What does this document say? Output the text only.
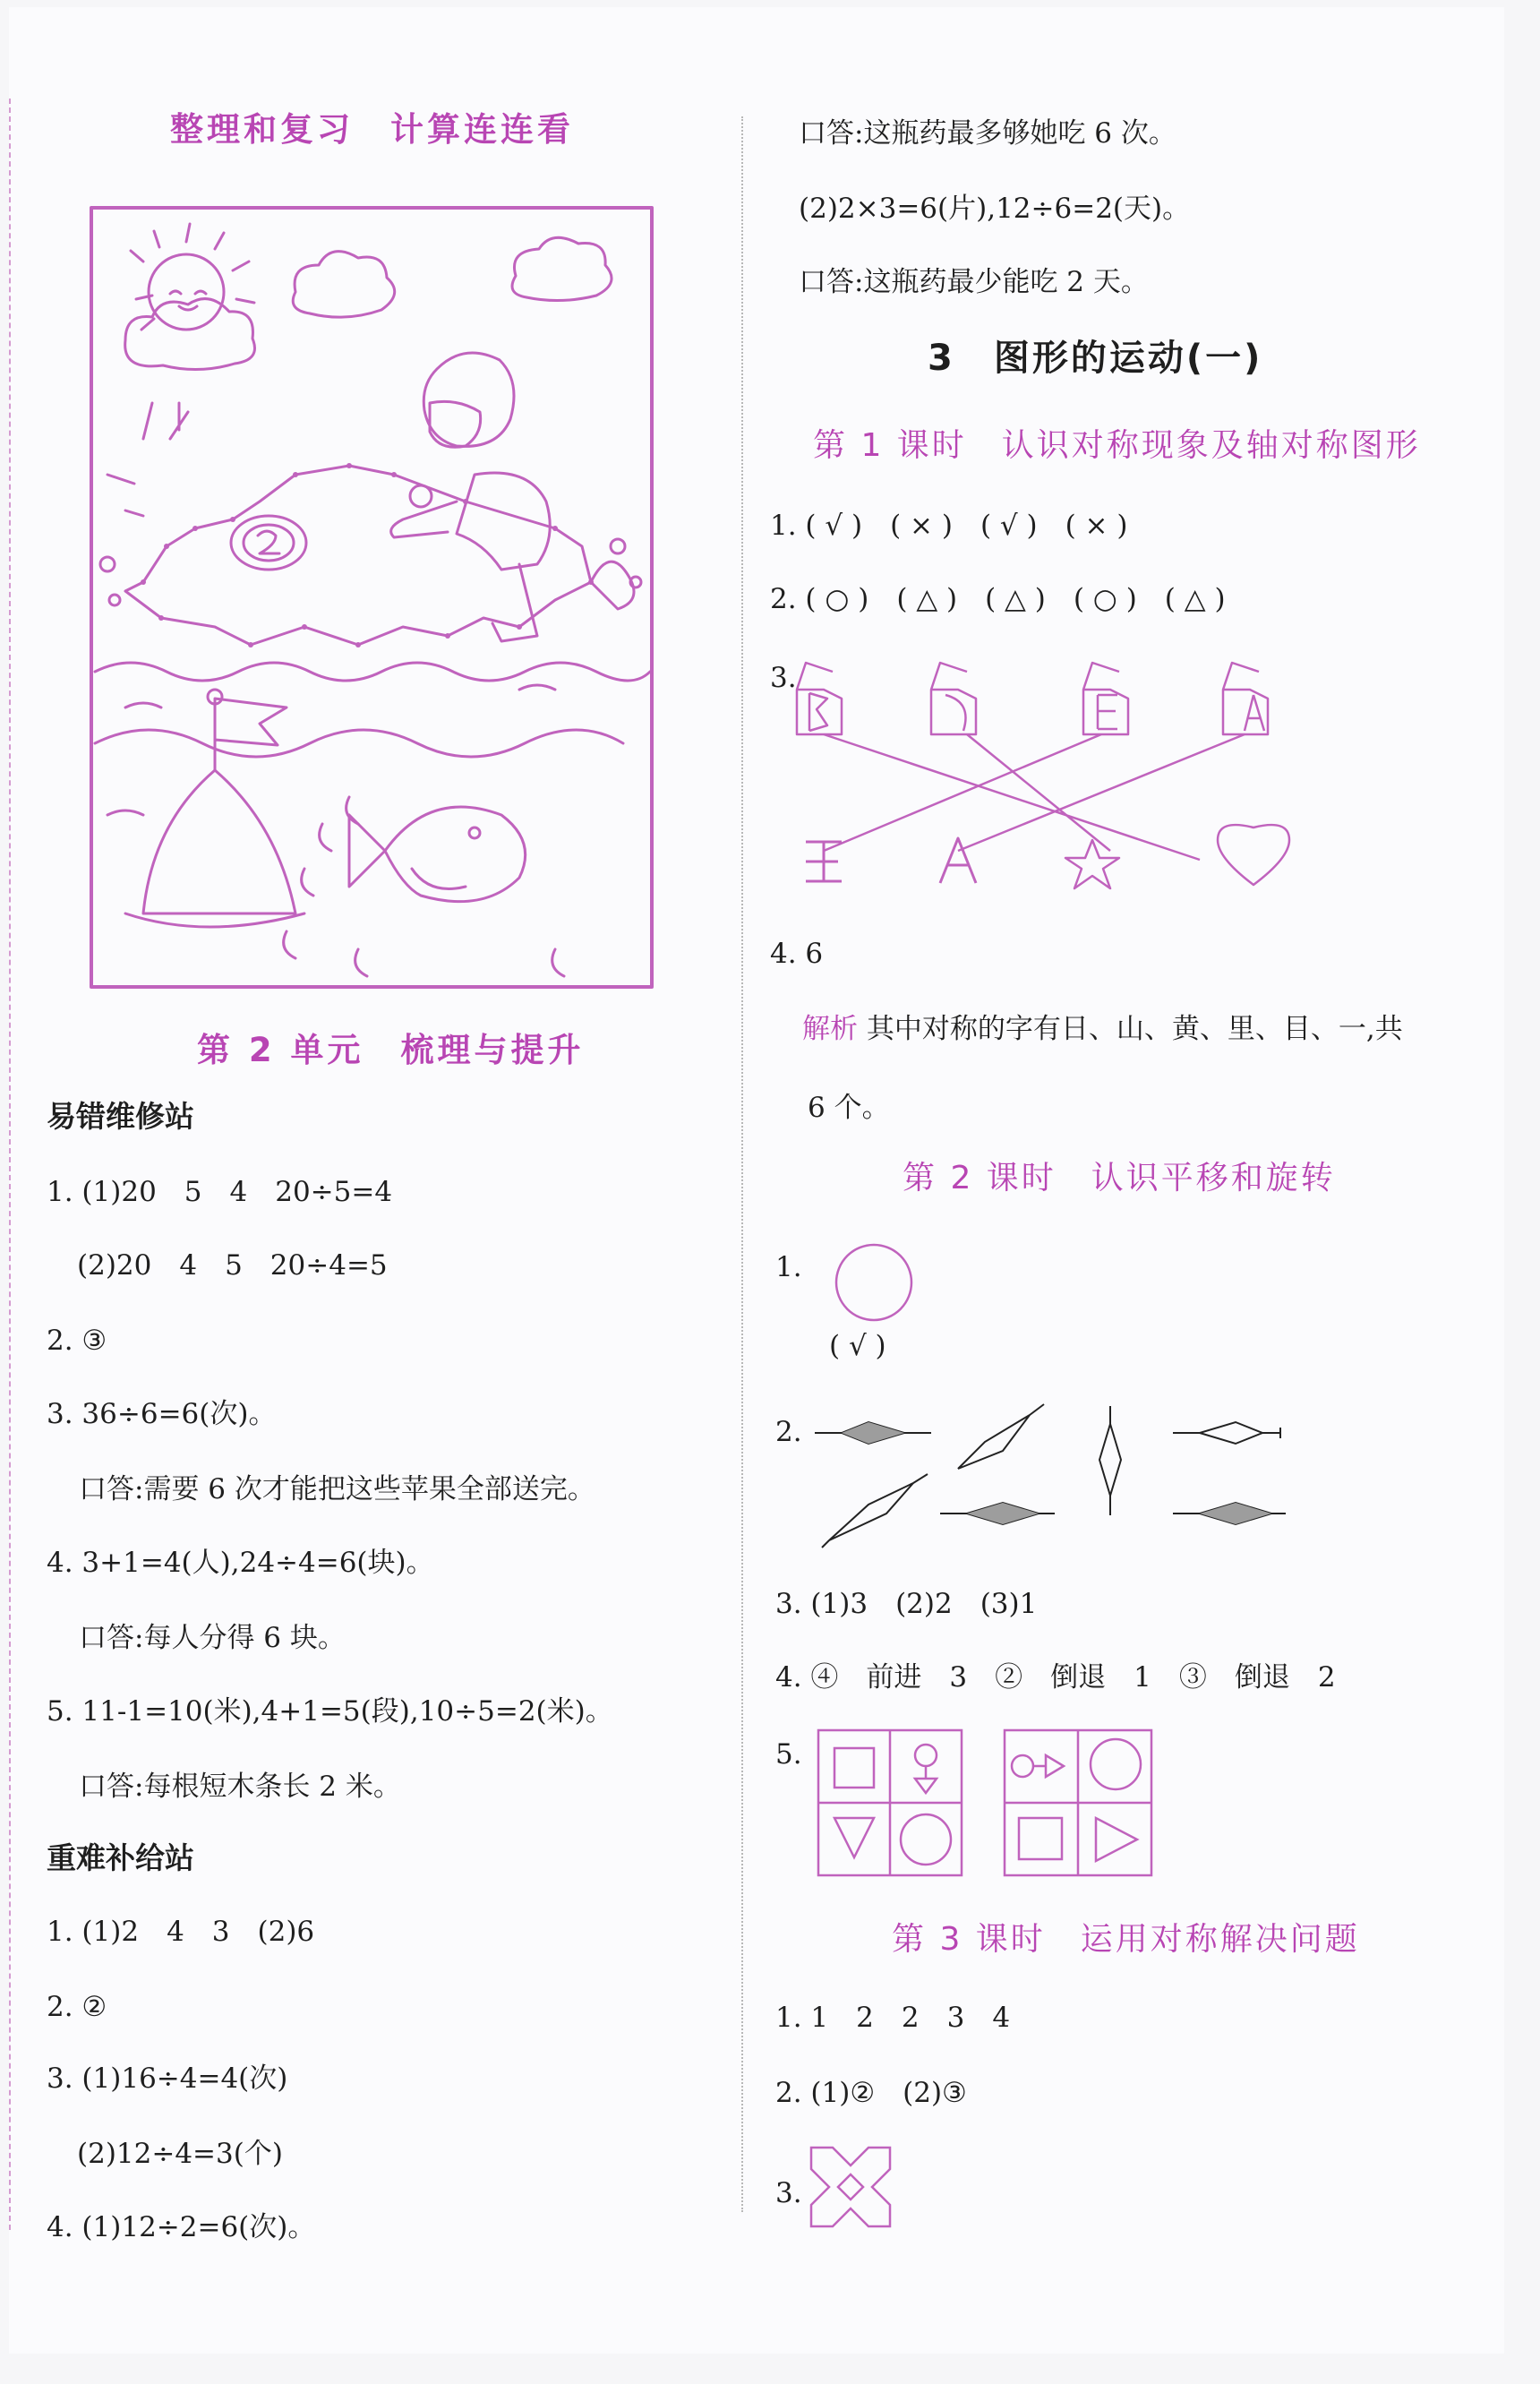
整理和复习　计算连连看
第 2 单元　梳理与提升
易错维修站
1. (1)20　5　4　20÷5=4
(2)20　4　5　20÷4=5
2. ③
3. 36÷6=6(次)。
口答:需要 6 次才能把这些苹果全部送完。
4. 3+1=4(人),24÷4=6(块)。
口答:每人分得 6 块。
5. 11-1=10(米),4+1=5(段),10÷5=2(米)。
口答:每根短木条长 2 米。
重难补给站
1. (1)2　4　3　(2)6
2. ②
3. (1)16÷4=4(次)
(2)12÷4=3(个)
4. (1)12÷2=6(次)。
口答:这瓶药最多够她吃 6 次。
(2)2×3=6(片),12÷6=2(天)。
口答:这瓶药最少能吃 2 天。
3　图形的运动(一)
第 1 课时　认识对称现象及轴对称图形
1. ( √ )　( × )　( √ )　( × )
2. ( ○ )　( △ )　( △ )　( ○ )　( △ )
3.
4. 6
解析 其中对称的字有日、山、黄、里、目、一,共
6 个。
第 2 课时　认识平移和旋转
1.
( √ )
2.
3. (1)3　(2)2　(3)1
4. ④　前进　3　②　倒退　1　③　倒退　2
5.
第 3 课时　运用对称解决问题
1. 1　2　2　3　4
2. (1)②　(2)③
3.
